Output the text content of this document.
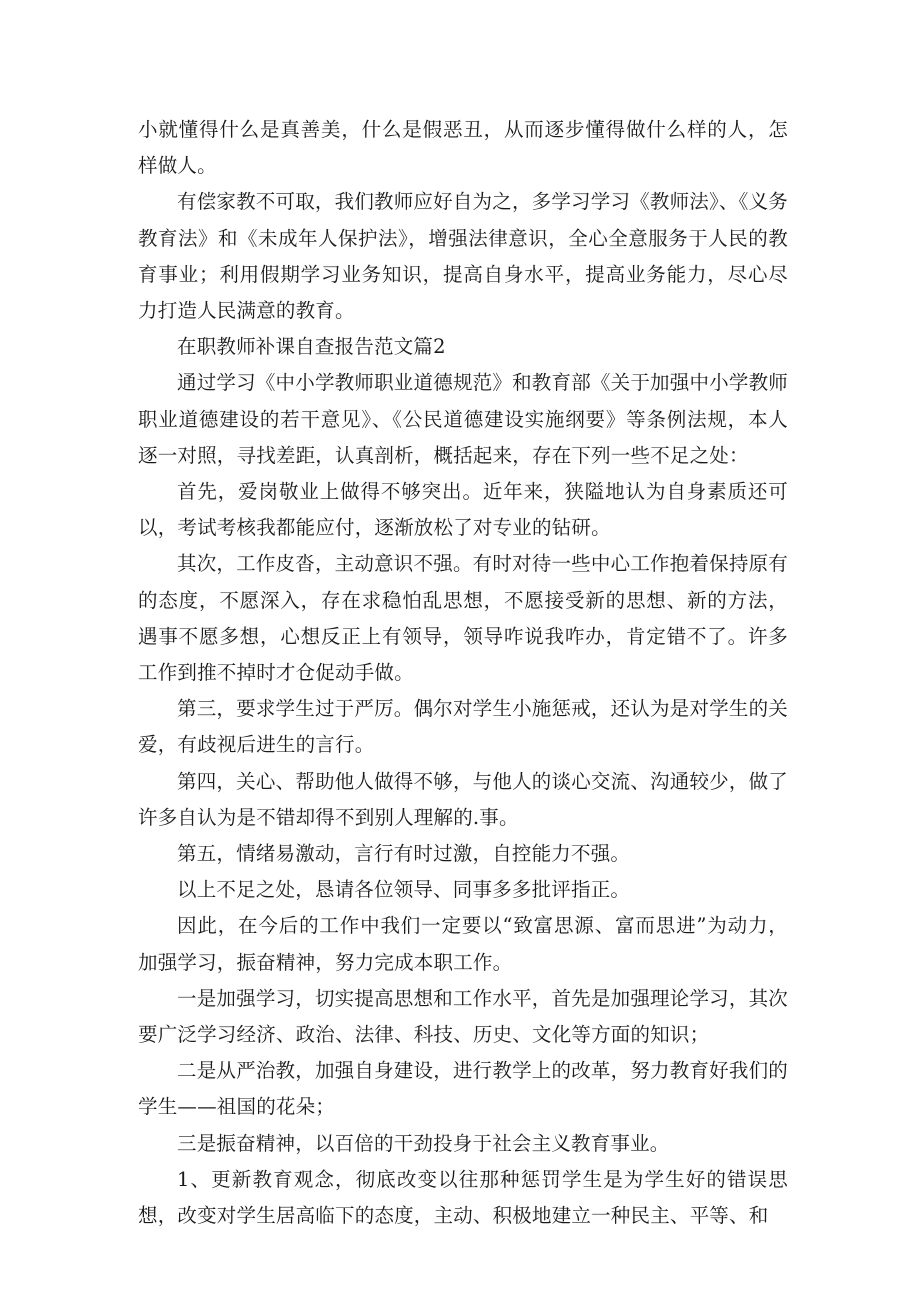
小就懂得什么是真善美，什么是假恶丑，从而逐步懂得做什么样的人，怎样做人。

有偿家教不可取，我们教师应好自为之，多学习学习《教师法》、《义务教育法》和《未成年人保护法》，增强法律意识，全心全意服务于人民的教育事业；利用假期学习业务知识，提高自身水平，提高业务能力，尽心尽力打造人民满意的教育。

在职教师补课自查报告范文篇2

通过学习《中小学教师职业道德规范》和教育部《关于加强中小学教师职业道德建设的若干意见》、《公民道德建设实施纲要》等条例法规，本人逐一对照，寻找差距，认真剖析，概括起来，存在下列一些不足之处：

首先，爱岗敬业上做得不够突出。近年来，狭隘地认为自身素质还可以，考试考核我都能应付，逐渐放松了对专业的钻研。

其次，工作皮沓，主动意识不强。有时对待一些中心工作抱着保持原有的态度，不愿深入，存在求稳怕乱思想，不愿接受新的思想、新的方法，遇事不愿多想，心想反正上有领导，领导咋说我咋办，肯定错不了。许多工作到推不掉时才仓促动手做。

第三，要求学生过于严厉。偶尔对学生小施惩戒，还认为是对学生的关爱，有歧视后进生的言行。

第四，关心、帮助他人做得不够，与他人的谈心交流、沟通较少，做了许多自认为是不错却得不到别人理解的.事。

第五，情绪易激动，言行有时过激，自控能力不强。

以上不足之处，恳请各位领导、同事多多批评指正。

因此，在今后的工作中我们一定要以“致富思源、富而思进”为动力，加强学习，振奋精神，努力完成本职工作。

一是加强学习，切实提高思想和工作水平，首先是加强理论学习，其次要广泛学习经济、政治、法律、科技、历史、文化等方面的知识；

二是从严治教，加强自身建设，进行教学上的改革，努力教育好我们的学生——祖国的花朵；

三是振奋精神，以百倍的干劲投身于社会主义教育事业。

1、更新教育观念，彻底改变以往那种惩罚学生是为学生好的错误思想，改变对学生居高临下的态度，主动、积极地建立一种民主、平等、和
